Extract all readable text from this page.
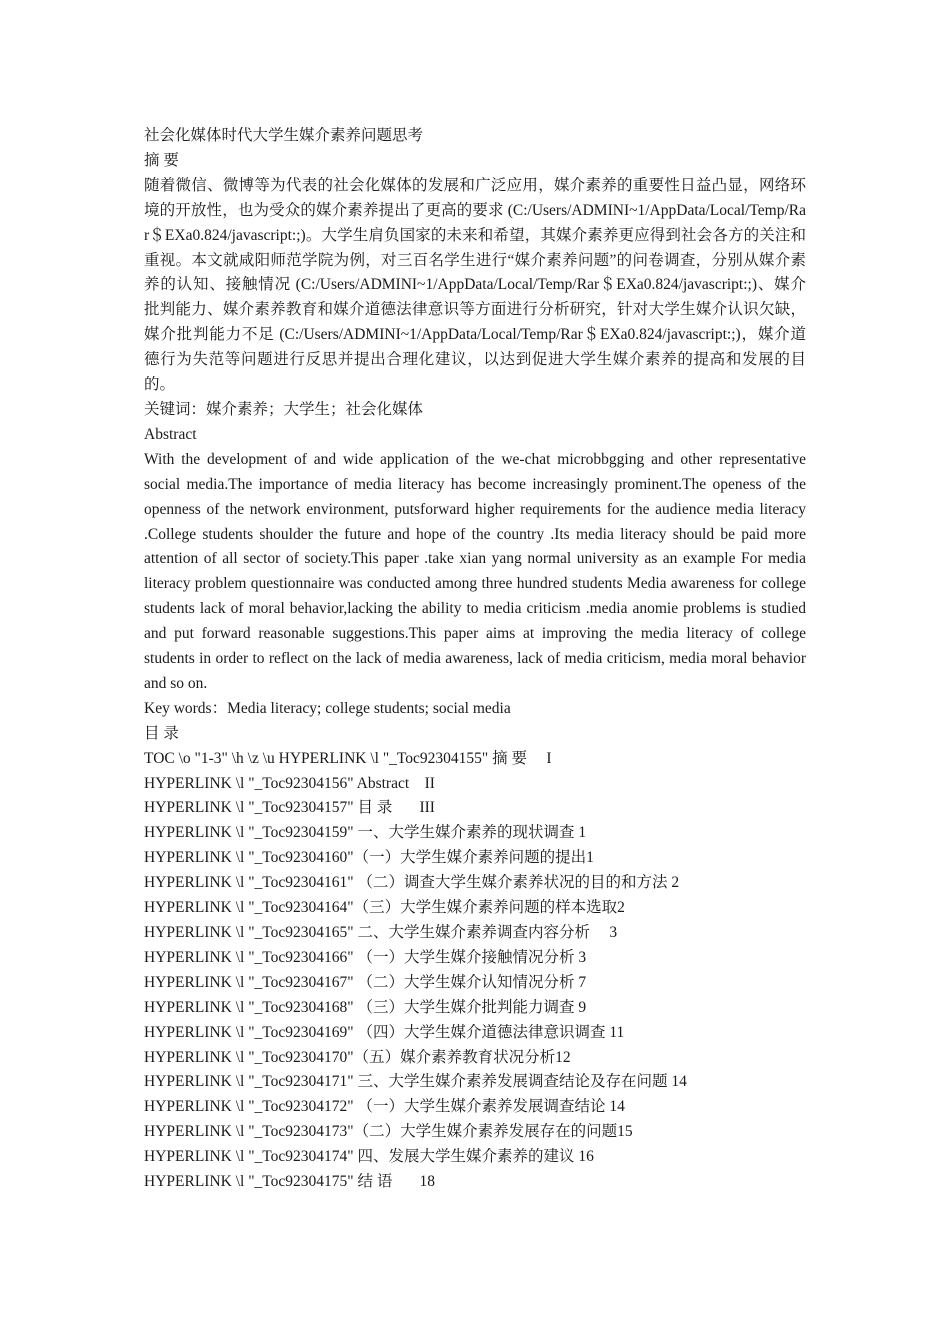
社会化媒体时代大学生媒介素养问题思考
摘 要
随着微信、微博等为代表的社会化媒体的发展和广泛应用，媒介素养的重要性日益凸显，网络环境的开放性，也为受众的媒介素养提出了更高的要求 (C:/Users/ADMINI~1/AppData/Local/Temp/Rar＄EXa0.824/javascript:;)。大学生肩负国家的未来和希望，其媒介素养更应得到社会各方的关注和重视。本文就咸阳师范学院为例，对三百名学生进行“媒介素养问题”的问卷调查，分别从媒介素养的认知、接触情况 (C:/Users/ADMINI~1/AppData/Local/Temp/Rar＄EXa0.824/javascript:;)、媒介批判能力、媒介素养教育和媒介道德法律意识等方面进行分析研究，针对大学生媒介认识欠缺，媒介批判能力不足 (C:/Users/ADMINI~1/AppData/Local/Temp/Rar＄EXa0.824/javascript:;)，媒介道德行为失范等问题进行反思并提出合理化建议，以达到促进大学生媒介素养的提高和发展的目的。
关键词：媒介素养；大学生；社会化媒体
Abstract
With the development of and wide application of the we-chat microbbgging and other representative social media.The importance of media literacy has become increasingly prominent.The openess of the openness of the network environment, putsforward higher requirements for the audience media literacy .College students shoulder the future and hope of the country .Its media literacy should be paid more attention of all sector of society.This paper .take xian yang normal university as an example For media literacy problem questionnaire was conducted among three hundred students Media awareness for college students lack of moral behavior,lacking the ability to media criticism .media anomie problems is studied and put forward reasonable suggestions.This paper aims at improving the media literacy of college students in order to reflect on the lack of media awareness, lack of media criticism, media moral behavior and so on.
Key words：Media literacy; college students; social media
目 录
TOC \o "1-3" \h \z \u HYPERLINK \l "_Toc92304155" 摘 要     I
HYPERLINK \l "_Toc92304156" Abstract    II
HYPERLINK \l "_Toc92304157" 目 录       III
HYPERLINK \l "_Toc92304159" 一、大学生媒介素养的现状调查 1
HYPERLINK \l "_Toc92304160"（一）大学生媒介素养问题的提出1
HYPERLINK \l "_Toc92304161" （二）调查大学生媒介素养状况的目的和方法 2
HYPERLINK \l "_Toc92304164"（三）大学生媒介素养问题的样本选取2
HYPERLINK \l "_Toc92304165" 二、大学生媒介素养调查内容分析     3
HYPERLINK \l "_Toc92304166" （一）大学生媒介接触情况分析 3
HYPERLINK \l "_Toc92304167" （二）大学生媒介认知情况分析 7
HYPERLINK \l "_Toc92304168" （三）大学生媒介批判能力调查 9
HYPERLINK \l "_Toc92304169" （四）大学生媒介道德法律意识调查 11
HYPERLINK \l "_Toc92304170"（五）媒介素养教育状况分析12
HYPERLINK \l "_Toc92304171" 三、大学生媒介素养发展调查结论及存在问题 14
HYPERLINK \l "_Toc92304172" （一）大学生媒介素养发展调查结论 14
HYPERLINK \l "_Toc92304173"（二）大学生媒介素养发展存在的问题15
HYPERLINK \l "_Toc92304174" 四、发展大学生媒介素养的建议 16
HYPERLINK \l "_Toc92304175" 结 语       18
